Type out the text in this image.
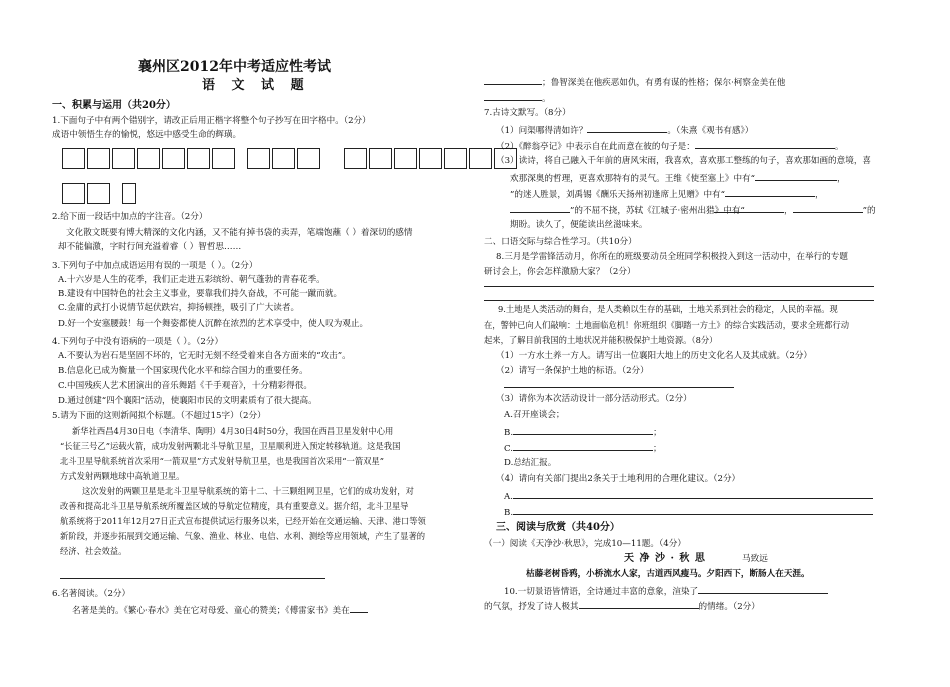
襄州区2012年中考适应性考试
语 文 试 题
一、积累与运用（共20分）
1.下面句子中有两个错别字，请改正后用正楷字将整个句子抄写在田字格中。（2分）
成语中领悟生存的愉悦，悠远中感受生命的辉璜。
2.给下面一段话中加点的字注音。（2分）
文化散文既要有博大精深的文化内涵，又不能有掉书袋的卖弄，笔端饱蘸（ ）着深切的感情
却不能偏激，字时行间充溢着睿（ ）智哲思……
3.下列句子中加点成语运用有误的一项是（ ）。（2分）
A.十六岁是人生的花季，我们正走进五彩缤纷、朝气蓬勃的青春花季。
B.建设有中国特色的社会主义事业，要靠我们持久奋战，不可能一蹴而就。
C.金庸的武打小说情节起伏跌宕，抑扬顿挫，吸引了广大读者。
D.好一个安塞腰鼓！每一个舞姿都使人沉醉在浓烈的艺术享受中，使人叹为观止。
4.下列句子中没有语病的一项是（ ）。（2分）
A.不要认为岩石是坚固不坏的，它无时无刻不经受着来自各方面来的“攻击”。
B.信息化已成为衡量一个国家现代化水平和综合国力的重要任务。
C.中国残疾人艺术团演出的音乐舞蹈《千手观音》，十分精彩得很。
D.通过创建“四个襄阳”活动，使襄阳市民的文明素质有了很大提高。
5.请为下面的这则新闻拟个标题。（不超过15字）（2分）
新华社西昌4月30日电（李清华、陶明）4月30日4时50分，我国在西昌卫星发射中心用
“长征三号乙”运载火箭，成功发射两颗北斗导航卫星，卫星顺利进入预定转移轨道。这是我国
北斗卫星导航系统首次采用“一箭双星”方式发射导航卫星，也是我国首次采用“一箭双星”
方式发射两颗地球中高轨道卫星。
这次发射的两颗卫星是北斗卫星导航系统的第十二、十三颗组网卫星，它们的成功发射，对
改善和提高北斗卫星导航系统所覆盖区域的导航定位精度，具有重要意义。据介绍，北斗卫星导
航系统将于2011年12月27日正式宣布提供试运行服务以来，已经开始在交通运输、天津、港口等领
新阶段，并逐步拓展到交通运输、气象、渔业、林业、电信、水利、测绘等应用领域，产生了显著的
经济、社会效益。
6.名著阅读。（2分）
名著是美的。《繁心·春水》美在它对母爱、童心的赞美；《傅雷家书》美在
；鲁智深美在他疾恶如仇，有勇有谋的性格；保尔·柯察金美在他
。
7.古诗文默写。（8分）
（1）问渠哪得清如许？	。（朱熹《观书有感》）
（2）《醉翁亭记》中表示自在此而意在彼的句子是：	。
（3）读诗，将自己融入千年前的唐风宋雨，我喜欢，喜欢那工整练的句子，喜欢那如画的意境，喜
欢那深奥的哲理，更喜欢那特有的灵气。王维《使至塞上》中有“	，
”的迷人胜景，刘禹锡《酬乐天扬州初逢席上见赠》中有“	，
”的不屈不挠，苏轼《江城子·密州出猎》中有“	，	”的
期盼。读久了，便能读出丝滋味来。
二、口语交际与综合性学习。（共10分）
8.三月是学雷锋活动月，你所在的班级要动员全班同学积极投入到这一活动中，在举行的专题
研讨会上，你会怎样激励大家？（2分）
9.土地是人类活动的舞台，是人类赖以生存的基础，土地关系到社会的稳定，人民的幸福。现
在，警钟已向人们敲响：土地面临危机！你班组织《脚踏一方土》的综合实践活动，要求全班都行动
起来，了解目前我国的土地状况并能积极保护土地资源。（8分）
（1）一方水土养一方人。请写出一位襄阳大地上的历史文化名人及其成就。（2分）
（2）请写一条保护土地的标语。（2分）
（3）请你为本次活动设计一部分活动形式。（2分）
A.召开座谈会；
B.	；
C.	；
D.总结汇报。
（4）请向有关部门提出2条关于土地利用的合理化建议。（2分）
A.
B.
三、阅读与欣赏（共40分）
（一）阅读《天净沙·秋思》，完成10—11题。（4分）
天 净 沙 · 秋 思	马致远
枯藤老树昏鸦，小桥流水人家，古道西风瘦马。夕阳西下，断肠人在天涯。
10.一切景语皆情语，全诗通过丰富的意象，渲染了
的气氛，抒发了诗人极其	的情绪。（2分）
